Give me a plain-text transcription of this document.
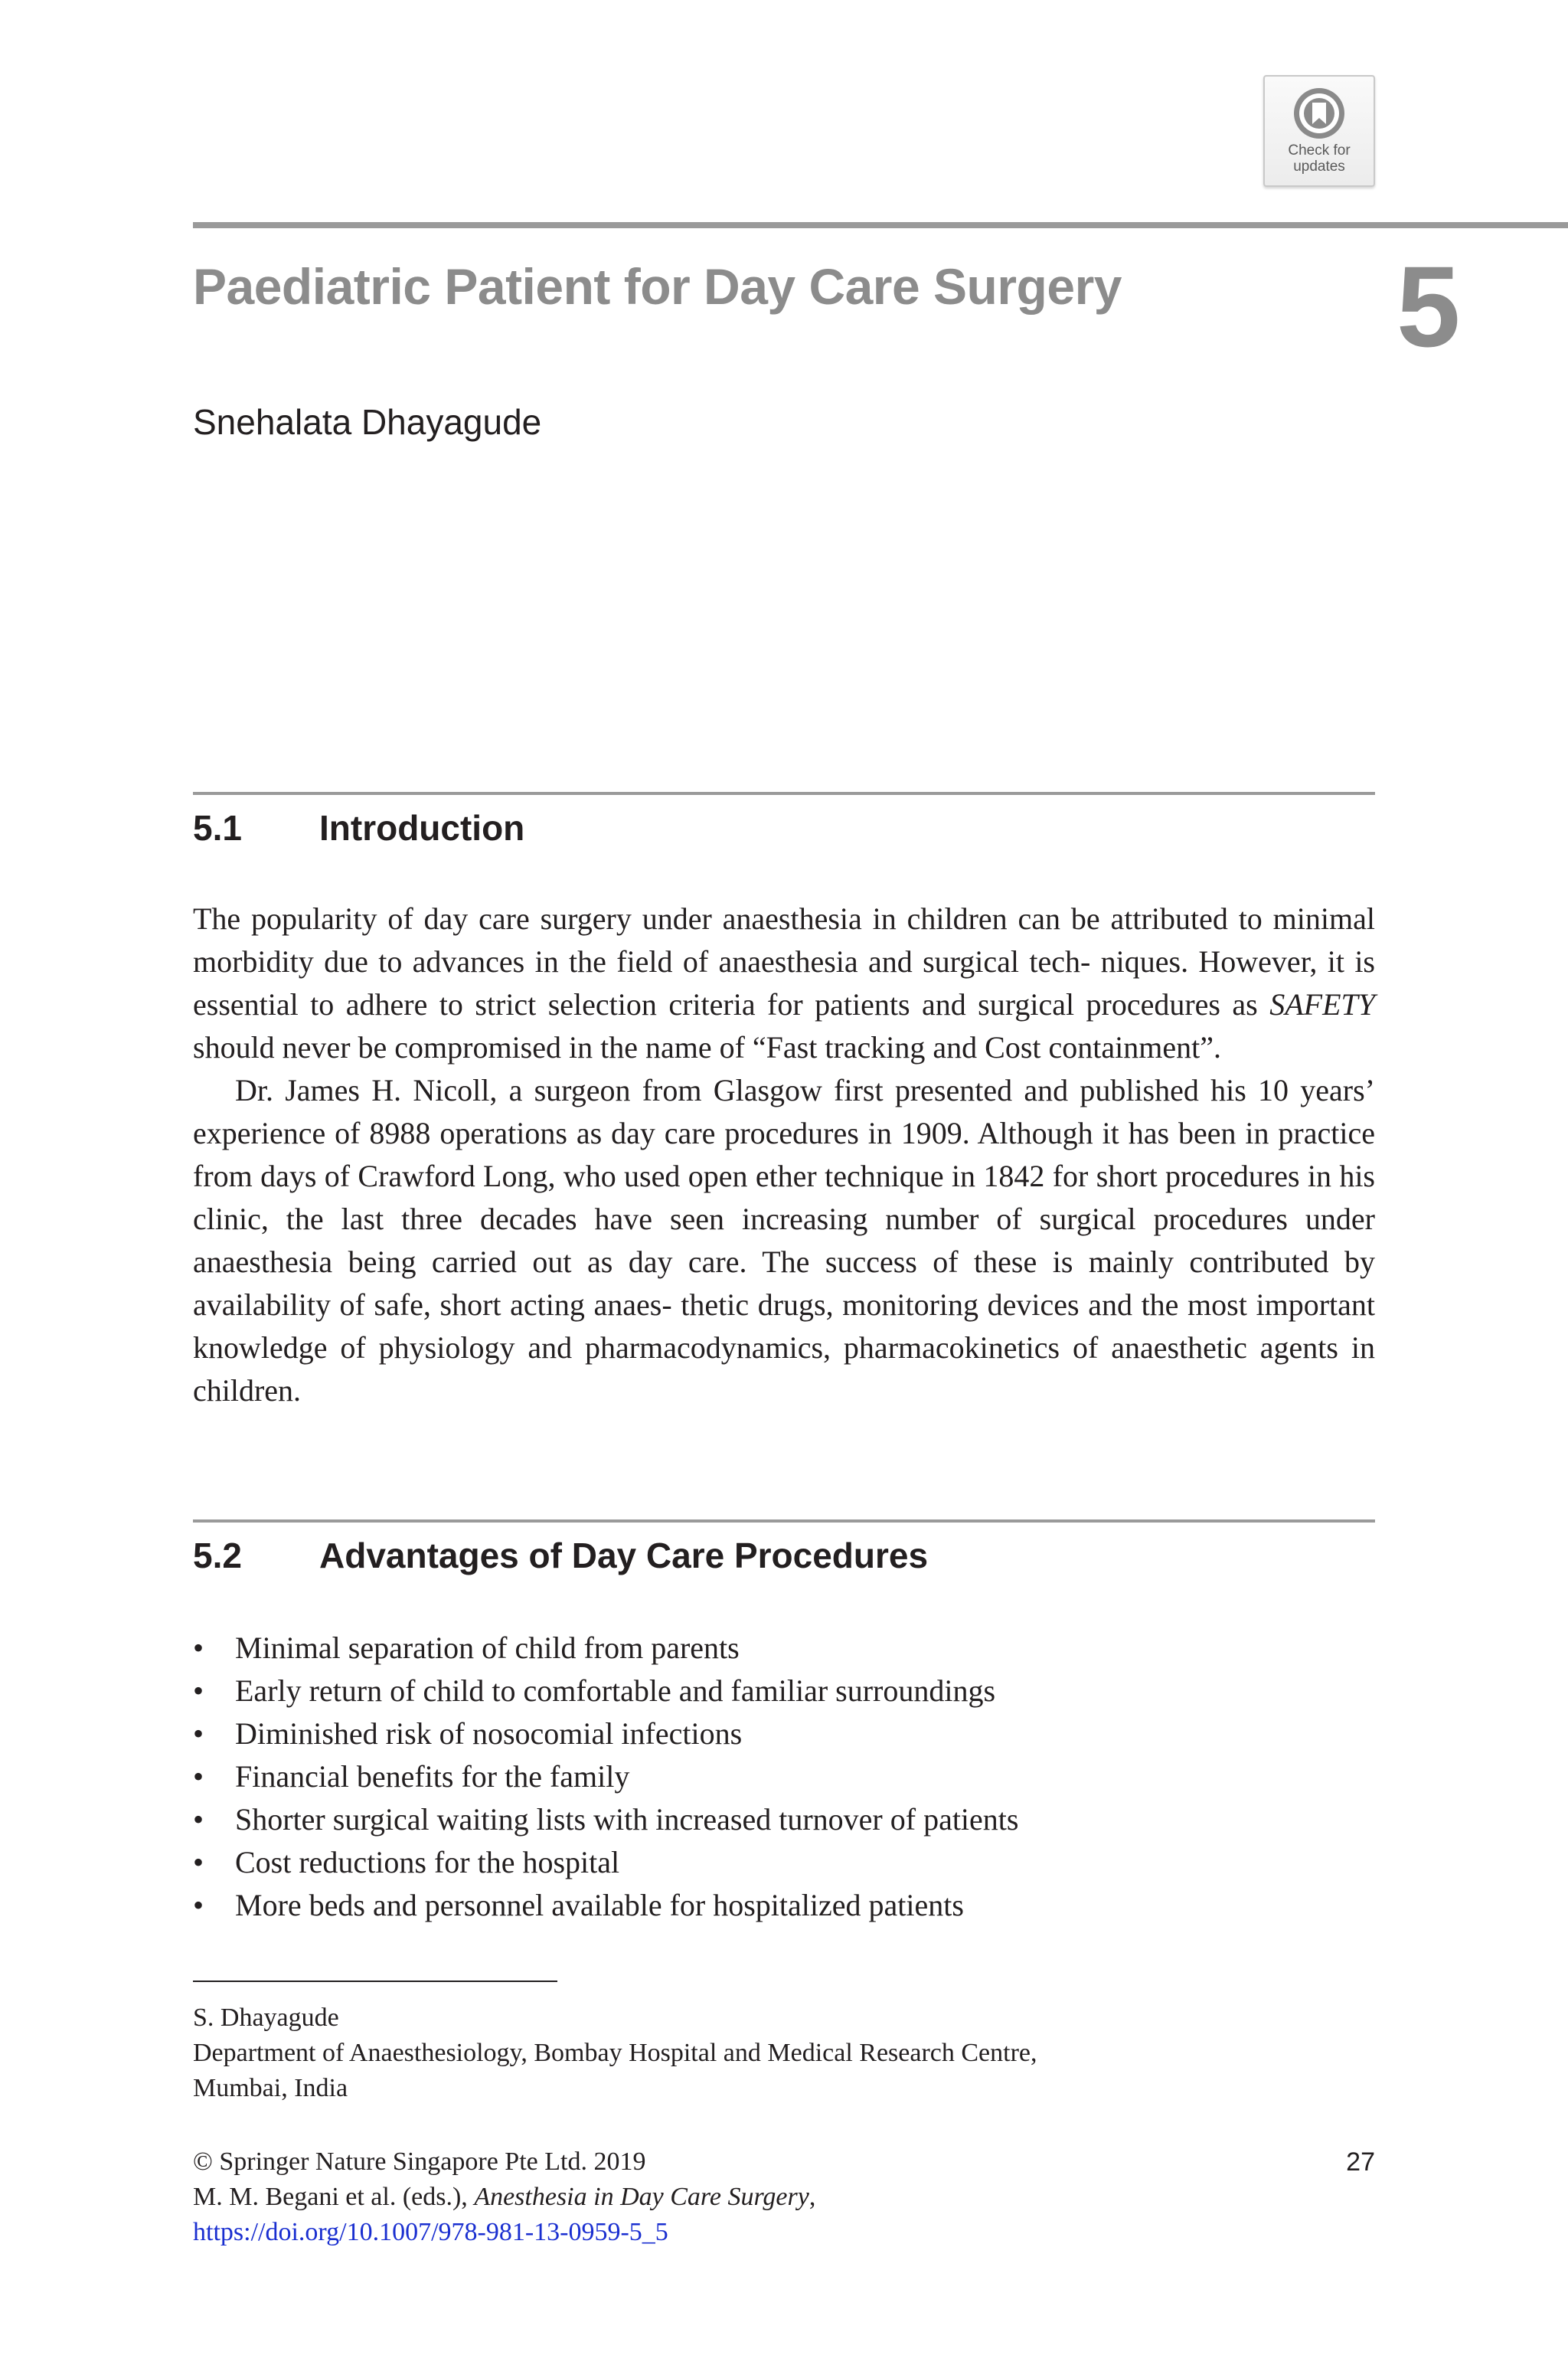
Check for
updates
Paediatric Patient for Day Care Surgery 5
Snehalata Dhayagude
5.1 Introduction

The popularity of day care surgery under anaesthesia in children can be attributed to minimal morbidity due to advances in the field of anaesthesia and surgical tech- niques. However, it is essential to adhere to strict selection criteria for patients and surgical procedures as SAFETY should never be compromised in the name of “Fast tracking and Cost containment”.

Dr. James H. Nicoll, a surgeon from Glasgow first presented and published his 10 years’ experience of 8988 operations as day care procedures in 1909. Although it has been in practice from days of Crawford Long, who used open ether technique in 1842 for short procedures in his clinic, the last three decades have seen increasing number of surgical procedures under anaesthesia being carried out as day care. The success of these is mainly contributed by availability of safe, short acting anaes- thetic drugs, monitoring devices and the most important knowledge of physiology and pharmacodynamics, pharmacokinetics of anaesthetic agents in children.

5.2 Advantages of Day Care Procedures
• Minimal separation of child from parents
• Early return of child to comfortable and familiar surroundings
• Diminished risk of nosocomial infections
• Financial benefits for the family
• Shorter surgical waiting lists with increased turnover of patients
• Cost reductions for the hospital
• More beds and personnel available for hospitalized patients
S. Dhayagude
Department of Anaesthesiology, Bombay Hospital and Medical Research Centre,
Mumbai, India
© Springer Nature Singapore Pte Ltd. 2019
M. M. Begani et al. (eds.), Anesthesia in Day Care Surgery,
https://doi.org/10.1007/978-981-13-0959-5_5
27
